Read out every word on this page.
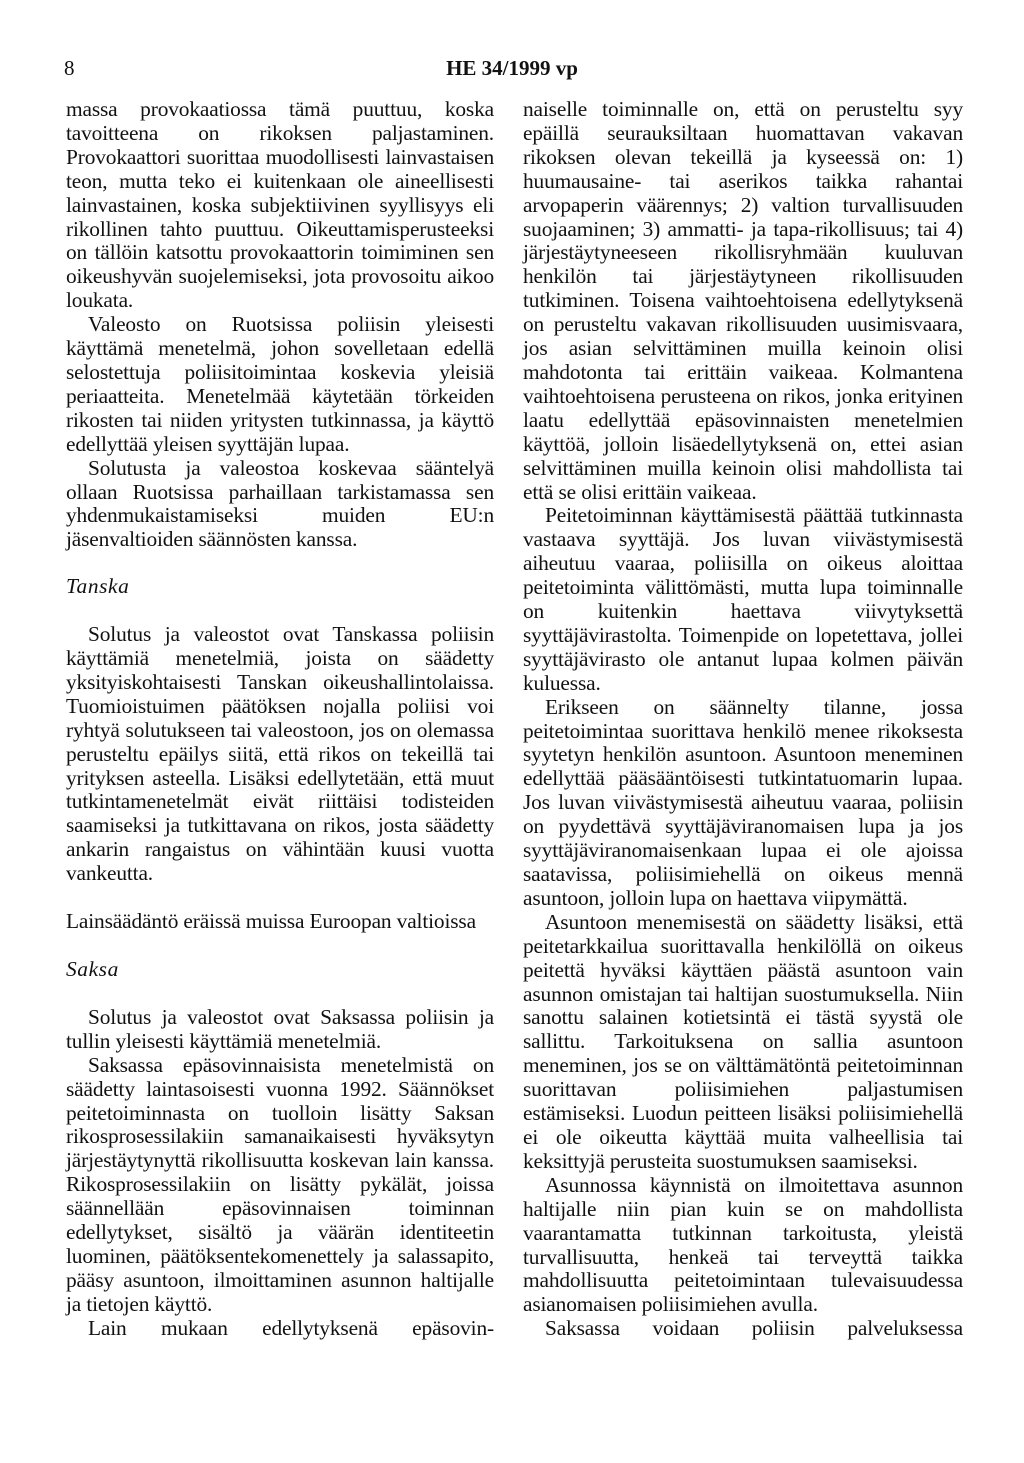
8	HE 34/1999 vp

massa provokaatiossa tämä puuttuu, koska tavoitteena on rikoksen paljastaminen. Provokaattori suorittaa muodollisesti lainvastaisen teon, mutta teko ei kuitenkaan ole aineellisesti lainvastainen, koska subjektiivinen syyllisyys eli rikollinen tahto puuttuu. Oikeuttamisperusteeksi on tällöin katsottu provokaattorin toimiminen sen oikeushyvän suojelemiseksi, jota provosoitu aikoo loukata.

Valeosto on Ruotsissa poliisin yleisesti käyttämä menetelmä, johon sovelletaan edellä selostettuja poliisitoimintaa koskevia yleisiä periaatteita. Menetelmää käytetään törkeiden rikosten tai niiden yritysten tutkinnassa, ja käyttö edellyttää yleisen syyttäjän lupaa.

Solutusta ja valeostoa koskevaa sääntelyä ollaan Ruotsissa parhaillaan tarkistamassa sen yhdenmukaistamiseksi muiden EU:n jäsenvaltioiden säännösten kanssa.

Tanska

Solutus ja valeostot ovat Tanskassa poliisin käyttämiä menetelmiä, joista on säädetty yksityiskohtaisesti Tanskan oikeushallintolaissa. Tuomioistuimen päätöksen nojalla poliisi voi ryhtyä solutukseen tai valeostoon, jos on olemassa perusteltu epäilys siitä, että rikos on tekeillä tai yrityksen asteella. Lisäksi edellytetään, että muut tutkintamenetelmät eivät riittäisi todisteiden saamiseksi ja tutkittavana on rikos, josta säädetty ankarin rangaistus on vähintään kuusi vuotta vankeutta.

Lainsäädäntö eräissä muissa Euroopan valtioissa

Saksa

Solutus ja valeostot ovat Saksassa poliisin ja tullin yleisesti käyttämiä menetelmiä.

Saksassa epäsovinnaisista menetelmistä on säädetty laintasoisesti vuonna 1992. Säännökset peitetoiminnasta on tuolloin lisätty Saksan rikosprosessilakiin samanaikaisesti hyväksytyn järjestäytynyttä rikollisuutta koskevan lain kanssa. Rikosprosessilakiin on lisätty pykälät, joissa säännellään epäsovinnaisen toiminnan edellytykset, sisältö ja väärän identiteetin luominen, päätöksentekomenettely ja salassapito, pääsy asuntoon, ilmoittaminen asunnon haltijalle ja tietojen käyttö.

Lain mukaan edellytyksenä epäsovin-

naiselle toiminnalle on, että on perusteltu syy epäillä seurauksiltaan huomattavan vakavan rikoksen olevan tekeillä ja kyseessä on: 1) huumausaine- tai aserikos taikka rahantai arvopaperin väärennys; 2) valtion turvallisuuden suojaaminen; 3) ammatti- ja tapa-rikollisuus; tai 4) järjestäytyneeseen rikollisryhmään kuuluvan henkilön tai järjestäytyneen rikollisuuden tutkiminen. Toisena vaihtoehtoisena edellytyksenä on perusteltu vakavan rikollisuuden uusimisvaara, jos asian selvittäminen muilla keinoin olisi mahdotonta tai erittäin vaikeaa. Kolmantena vaihtoehtoisena perusteena on rikos, jonka erityinen laatu edellyttää epäsovinnaisten menetelmien käyttöä, jolloin lisäedellytyksenä on, ettei asian selvittäminen muilla keinoin olisi mahdollista tai että se olisi erittäin vaikeaa.

Peitetoiminnan käyttämisestä päättää tutkinnasta vastaava syyttäjä. Jos luvan viivästymisestä aiheutuu vaaraa, poliisilla on oikeus aloittaa peitetoiminta välittömästi, mutta lupa toiminnalle on kuitenkin haettava viivytyksettä syyttäjävirastolta. Toimenpide on lopetettava, jollei syyttäjävirasto ole antanut lupaa kolmen päivän kuluessa.

Erikseen on säännelty tilanne, jossa peitetoimintaa suorittava henkilö menee rikoksesta syytetyn henkilön asuntoon. Asuntoon meneminen edellyttää pääsääntöisesti tutkintatuomarin lupaa. Jos luvan viivästymisestä aiheutuu vaaraa, poliisin on pyydettävä syyttäjäviranomaisen lupa ja jos syyttäjäviranomaisenkaan lupaa ei ole ajoissa saatavissa, poliisimiehellä on oikeus mennä asuntoon, jolloin lupa on haettava viipymättä.

Asuntoon menemisestä on säädetty lisäksi, että peitetarkkailua suorittavalla henkilöllä on oikeus peitettä hyväksi käyttäen päästä asuntoon vain asunnon omistajan tai haltijan suostumuksella. Niin sanottu salainen kotietsintä ei tästä syystä ole sallittu. Tarkoituksena on sallia asuntoon meneminen, jos se on välttämätöntä peitetoiminnan suorittavan poliisimiehen paljastumisen estämiseksi. Luodun peitteen lisäksi poliisimiehellä ei ole oikeutta käyttää muita valheellisia tai keksittyjä perusteita suostumuksen saamiseksi.

Asunnossa käynnistä on ilmoitettava asunnon haltijalle niin pian kuin se on mahdollista vaarantamatta tutkinnan tarkoitusta, yleistä turvallisuutta, henkeä tai terveyttä taikka mahdollisuutta peitetoimintaan tulevaisuudessa asianomaisen poliisimiehen avulla.

Saksassa voidaan poliisin palveluksessa
